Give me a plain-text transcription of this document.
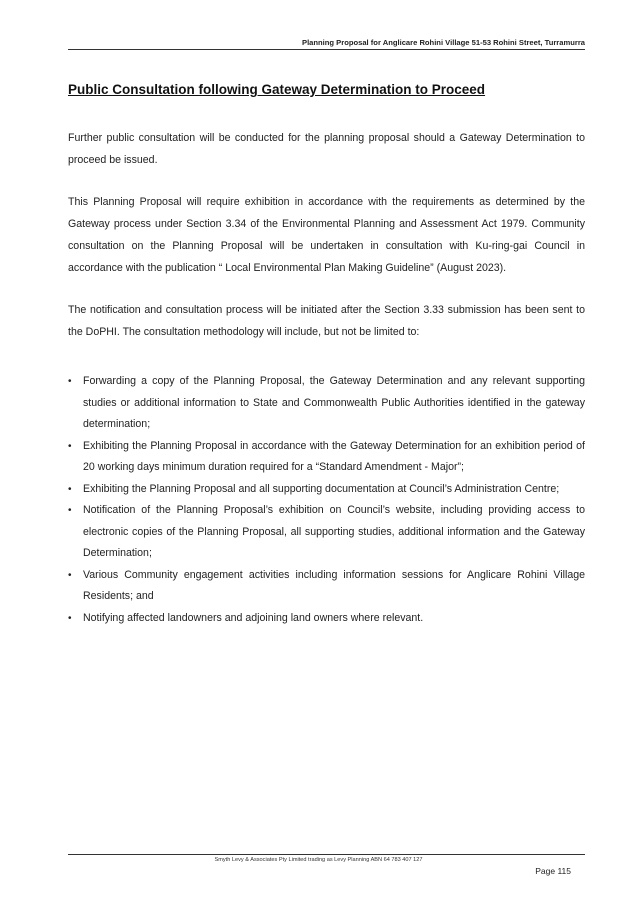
Planning Proposal for Anglicare Rohini Village 51-53 Rohini Street, Turramurra
Public Consultation following Gateway Determination to Proceed

Further public consultation will be conducted for the planning proposal should a Gateway Determination to proceed be issued.

This Planning Proposal will require exhibition in accordance with the requirements as determined by the Gateway process under Section 3.34 of the Environmental Planning and Assessment Act 1979. Community consultation on the Planning Proposal will be undertaken in consultation with Ku-ring-gai Council in accordance with the publication “ Local Environmental Plan Making Guideline” (August 2023).

The notification and consultation process will be initiated after the Section 3.33 submission has been sent to the DoPHI. The consultation methodology will include, but not be limited to:

• Forwarding a copy of the Planning Proposal, the Gateway Determination and any relevant supporting studies or additional information to State and Commonwealth Public Authorities identified in the gateway determination;
• Exhibiting the Planning Proposal in accordance with the Gateway Determination for an exhibition period of 20 working days minimum duration required for a “Standard Amendment - Major”;
• Exhibiting the Planning Proposal and all supporting documentation at Council’s Administration Centre;
• Notification of the Planning Proposal’s exhibition on Council’s website, including providing access to electronic copies of the Planning Proposal, all supporting studies, additional information and the Gateway Determination;
• Various Community engagement activities including information sessions for Anglicare Rohini Village Residents; and
• Notifying affected landowners and adjoining land owners where relevant.
Smyth Levy & Associates Pty Limited trading as Levy Planning ABN 64 783 407 127
Page 115
